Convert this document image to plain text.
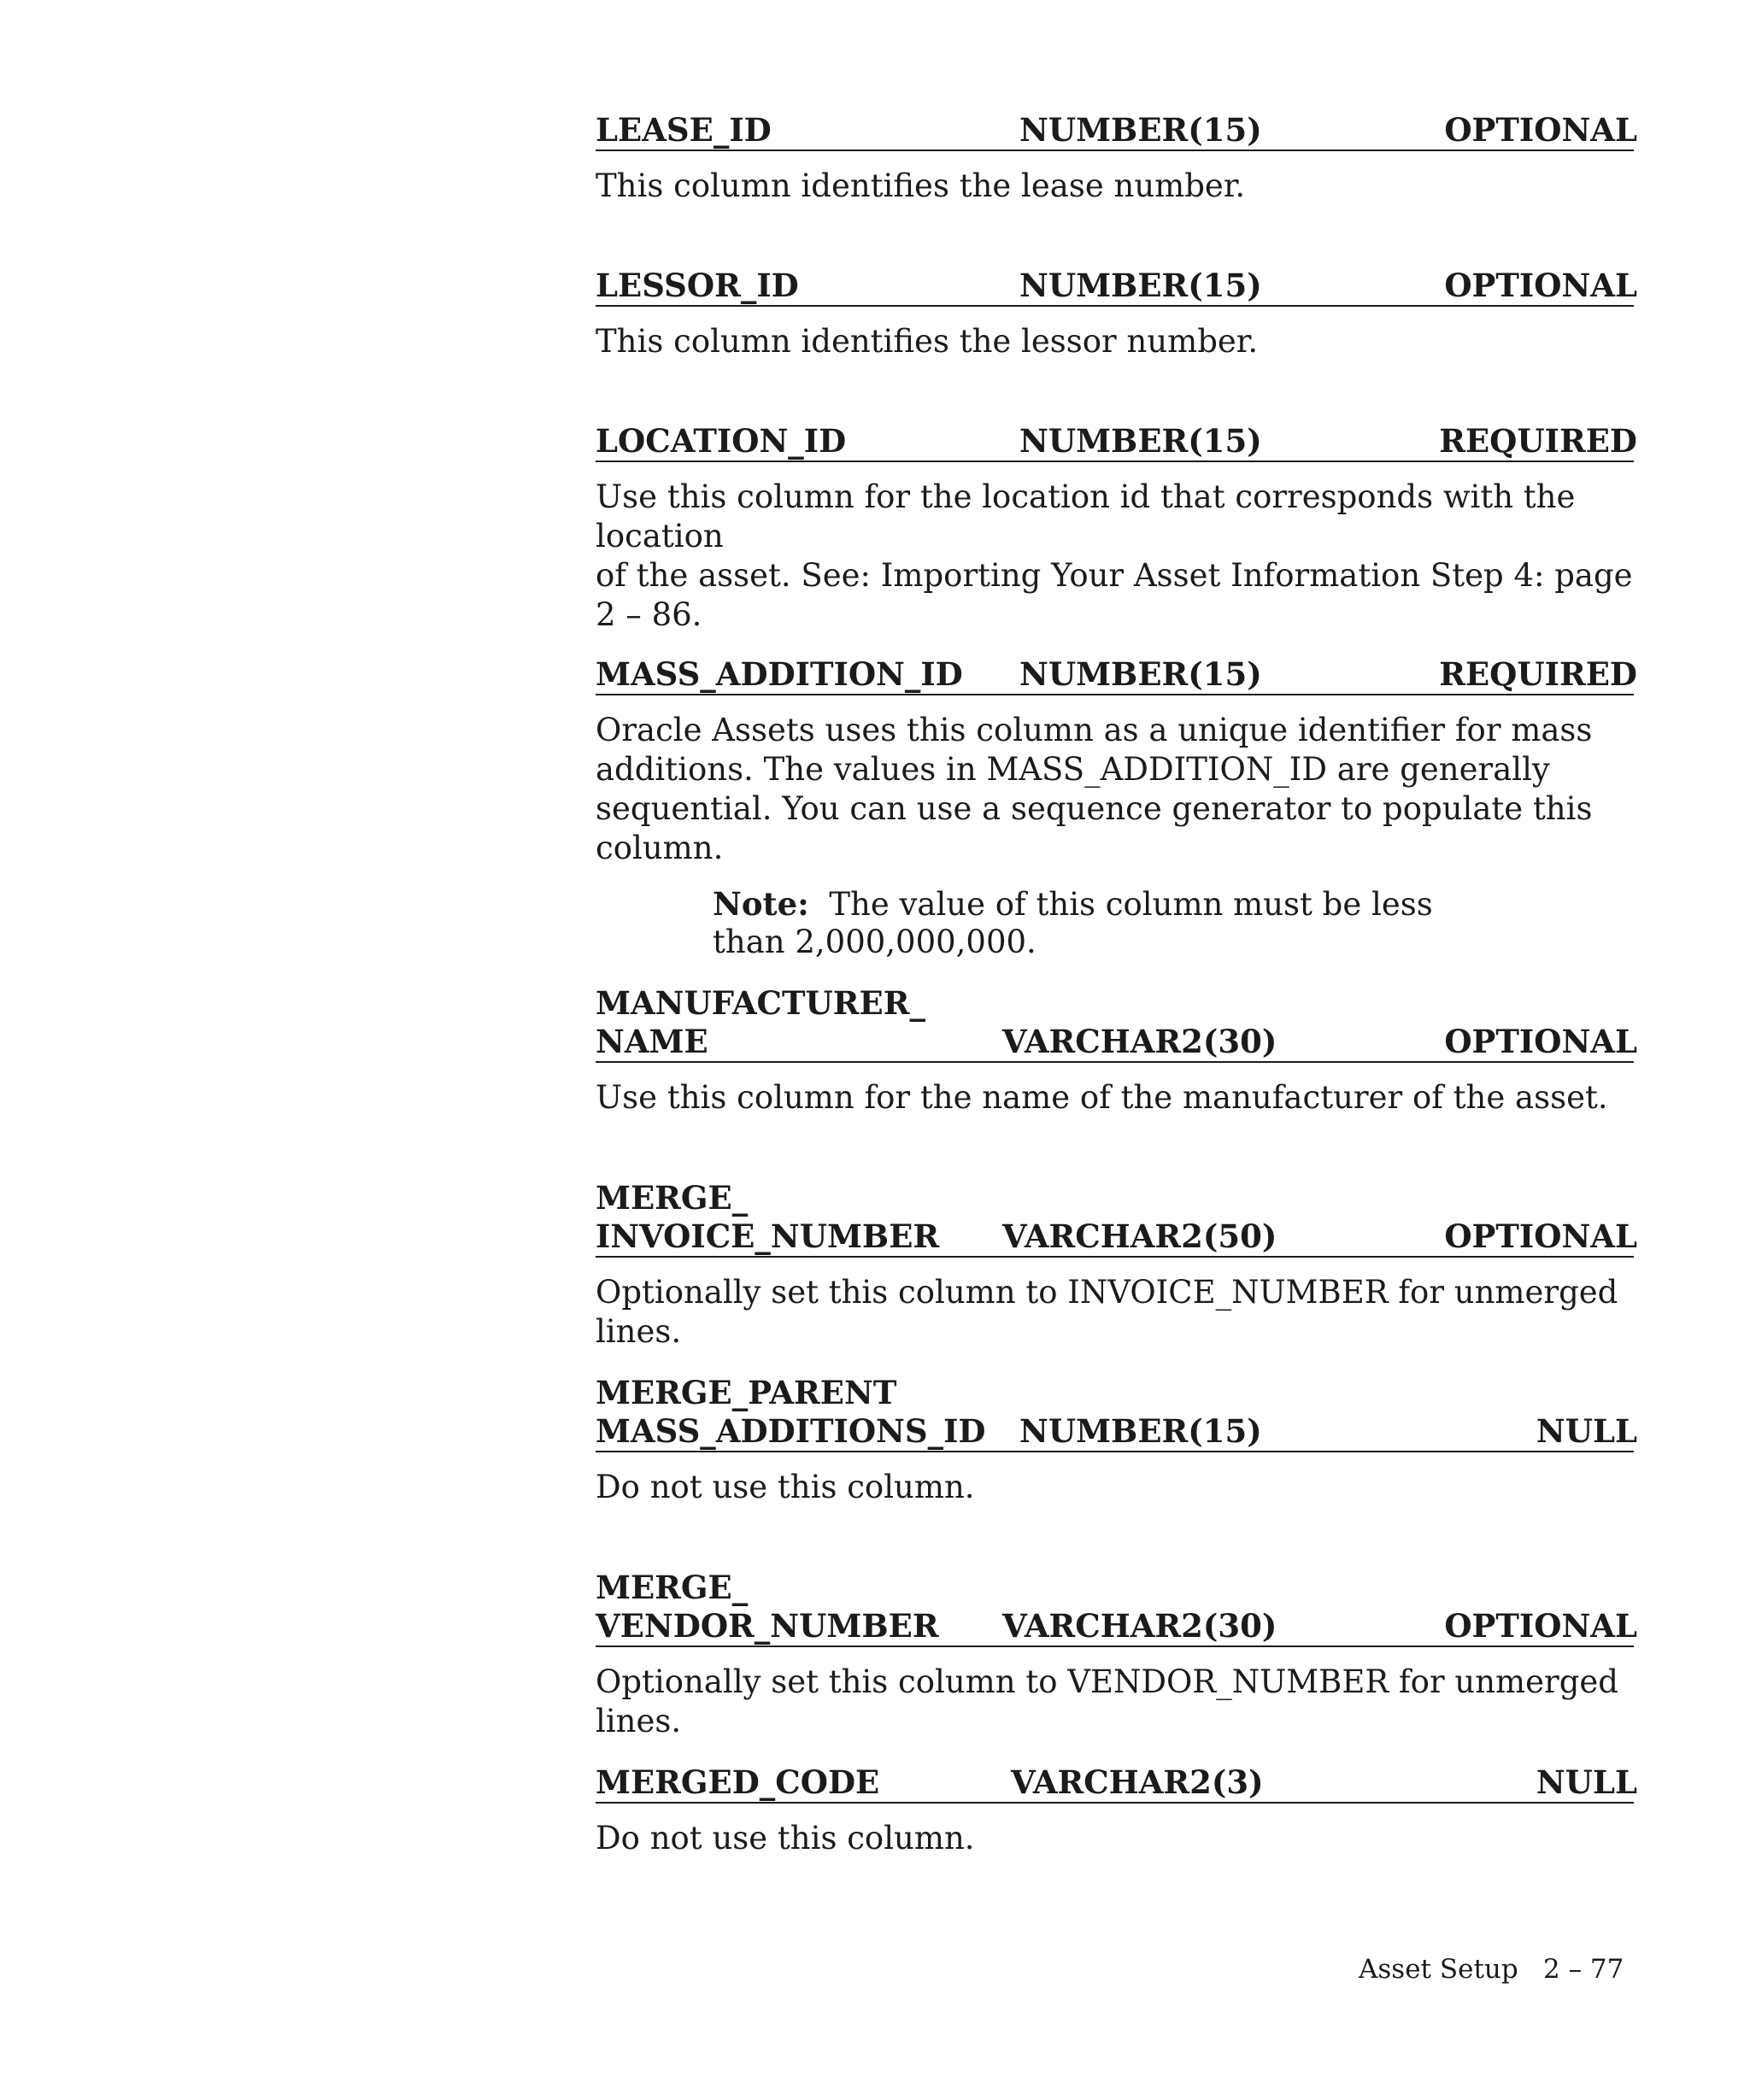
LEASE_ID	NUMBER(15)	OPTIONAL
This column identifies the lease number.
LESSOR_ID	NUMBER(15)	OPTIONAL
This column identifies the lessor number.
LOCATION_ID	NUMBER(15)	REQUIRED
Use this column for the location id that corresponds with the location
of the asset. See: Importing Your Asset Information Step 4: page
2 – 86.
MASS_ADDITION_ID NUMBER(15)	REQUIRED
Oracle Assets uses this column as a unique identifier for mass
additions. The values in MASS_ADDITION_ID are generally
sequential. You can use a sequence generator to populate this column.
Note: The value of this column must be less than 2,000,000,000.
MANUFACTURER_
NAME	VARCHAR2(30)	OPTIONAL
Use this column for the name of the manufacturer of the asset.
MERGE_
INVOICE_NUMBER VARCHAR2(50)	OPTIONAL
Optionally set this column to INVOICE_NUMBER for unmerged lines.
MERGE_PARENT
MASS_ADDITIONS_ID NUMBER(15)	NULL
Do not use this column.
MERGE_
VENDOR_NUMBER VARCHAR2(30)	OPTIONAL
Optionally set this column to VENDOR_NUMBER for unmerged lines.
MERGED_CODE	VARCHAR2(3)	NULL
Do not use this column.
Asset Setup 2 – 77
